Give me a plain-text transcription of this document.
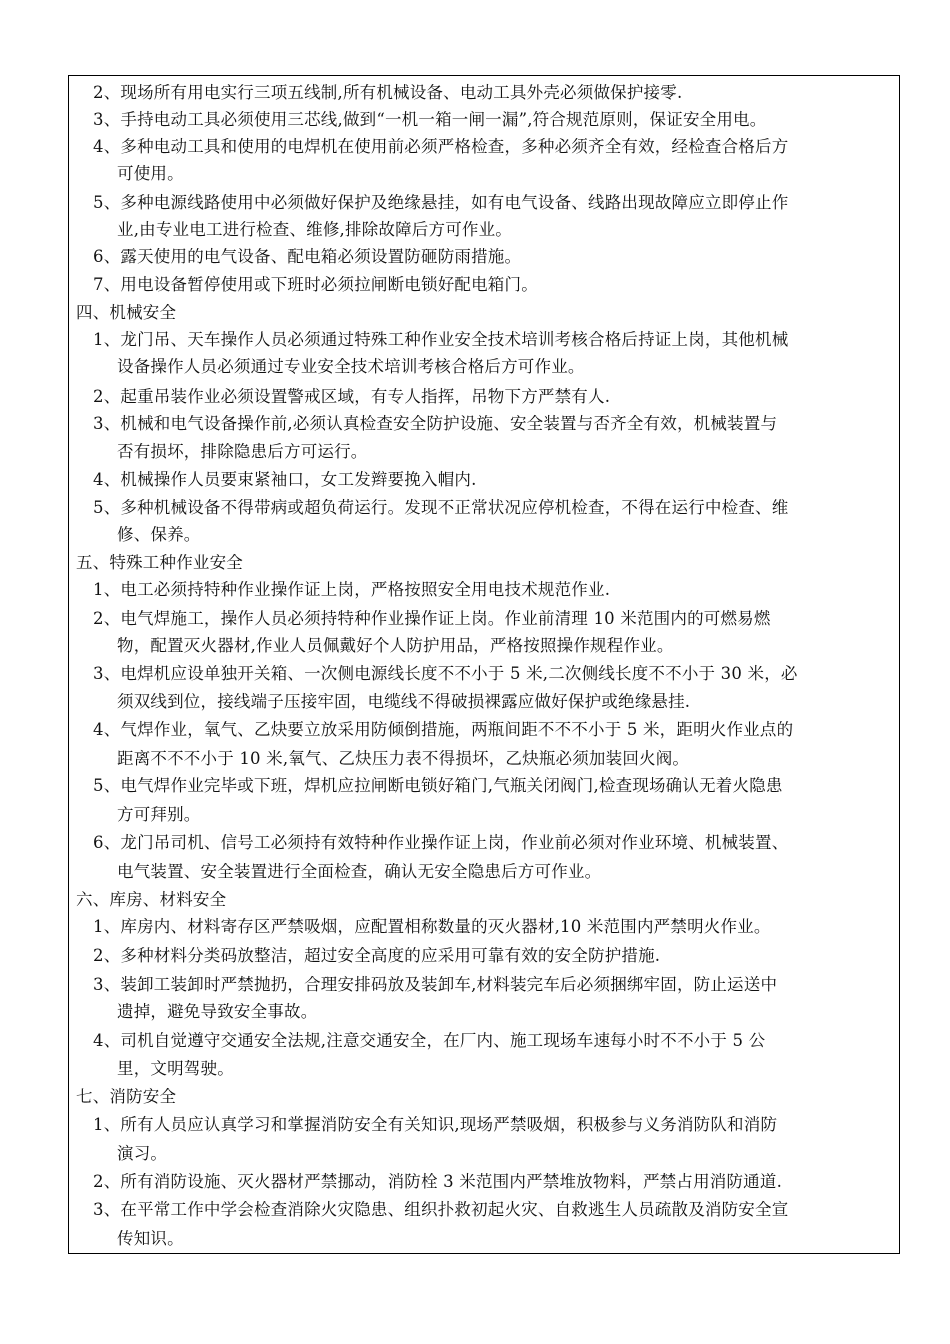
2、现场所有用电实行三项五线制,所有机械设备、电动工具外壳必须做保护接零.
3、手持电动工具必须使用三芯线,做到“一机一箱一闸一漏”,符合规范原则，保证安全用电。
4、多种电动工具和使用的电焊机在使用前必须严格检查，多种必须齐全有效，经检查合格后方
可使用。
5、多种电源线路使用中必须做好保护及绝缘悬挂，如有电气设备、线路出现故障应立即停止作
业,由专业电工进行检查、维修,排除故障后方可作业。
6、露天使用的电气设备、配电箱必须设置防砸防雨措施。
7、用电设备暂停使用或下班时必须拉闸断电锁好配电箱门。
四、机械安全
1、龙门吊、天车操作人员必须通过特殊工种作业安全技术培训考核合格后持证上岗，其他机械
设备操作人员必须通过专业安全技术培训考核合格后方可作业。
2、起重吊装作业必须设置警戒区域，有专人指挥，吊物下方严禁有人.
3、机械和电气设备操作前,必须认真检查安全防护设施、安全装置与否齐全有效，机械装置与
否有损坏，排除隐患后方可运行。
4、机械操作人员要束紧袖口，女工发辫要挽入帽内.
5、多种机械设备不得带病或超负荷运行。发现不正常状况应停机检查，不得在运行中检查、维
修、保养。
五、特殊工种作业安全
1、电工必须持特种作业操作证上岗，严格按照安全用电技术规范作业.
2、电气焊施工，操作人员必须持特种作业操作证上岗。作业前清理 10 米范围内的可燃易燃
物，配置灭火器材,作业人员佩戴好个人防护用品，严格按照操作规程作业。
3、电焊机应设单独开关箱、一次侧电源线长度不不小于 5 米,二次侧线长度不不小于 30 米，必
须双线到位，接线端子压接牢固，电缆线不得破损裸露应做好保护或绝缘悬挂.
4、气焊作业，氧气、乙炔要立放采用防倾倒措施，两瓶间距不不不小于 5 米，距明火作业点的
距离不不不小于 10 米,氧气、乙炔压力表不得损坏，乙炔瓶必须加装回火阀。
5、电气焊作业完毕或下班，焊机应拉闸断电锁好箱门,气瓶关闭阀门,检查现场确认无着火隐患
方可拜别。
6、龙门吊司机、信号工必须持有效特种作业操作证上岗，作业前必须对作业环境、机械装置、
电气装置、安全装置进行全面检查，确认无安全隐患后方可作业。
六、库房、材料安全
1、库房内、材料寄存区严禁吸烟，应配置相称数量的灭火器材,10 米范围内严禁明火作业。
2、多种材料分类码放整洁，超过安全高度的应采用可靠有效的安全防护措施.
3、装卸工装卸时严禁抛扔，合理安排码放及装卸车,材料装完车后必须捆绑牢固，防止运送中
遗掉，避免导致安全事故。
4、司机自觉遵守交通安全法规,注意交通安全，在厂内、施工现场车速每小时不不小于 5 公
里，文明驾驶。
七、消防安全
1、所有人员应认真学习和掌握消防安全有关知识,现场严禁吸烟，积极参与义务消防队和消防
演习。
2、所有消防设施、灭火器材严禁挪动，消防栓 3 米范围内严禁堆放物料，严禁占用消防通道.
3、在平常工作中学会检查消除火灾隐患、组织扑救初起火灾、自救逃生人员疏散及消防安全宣
传知识。
